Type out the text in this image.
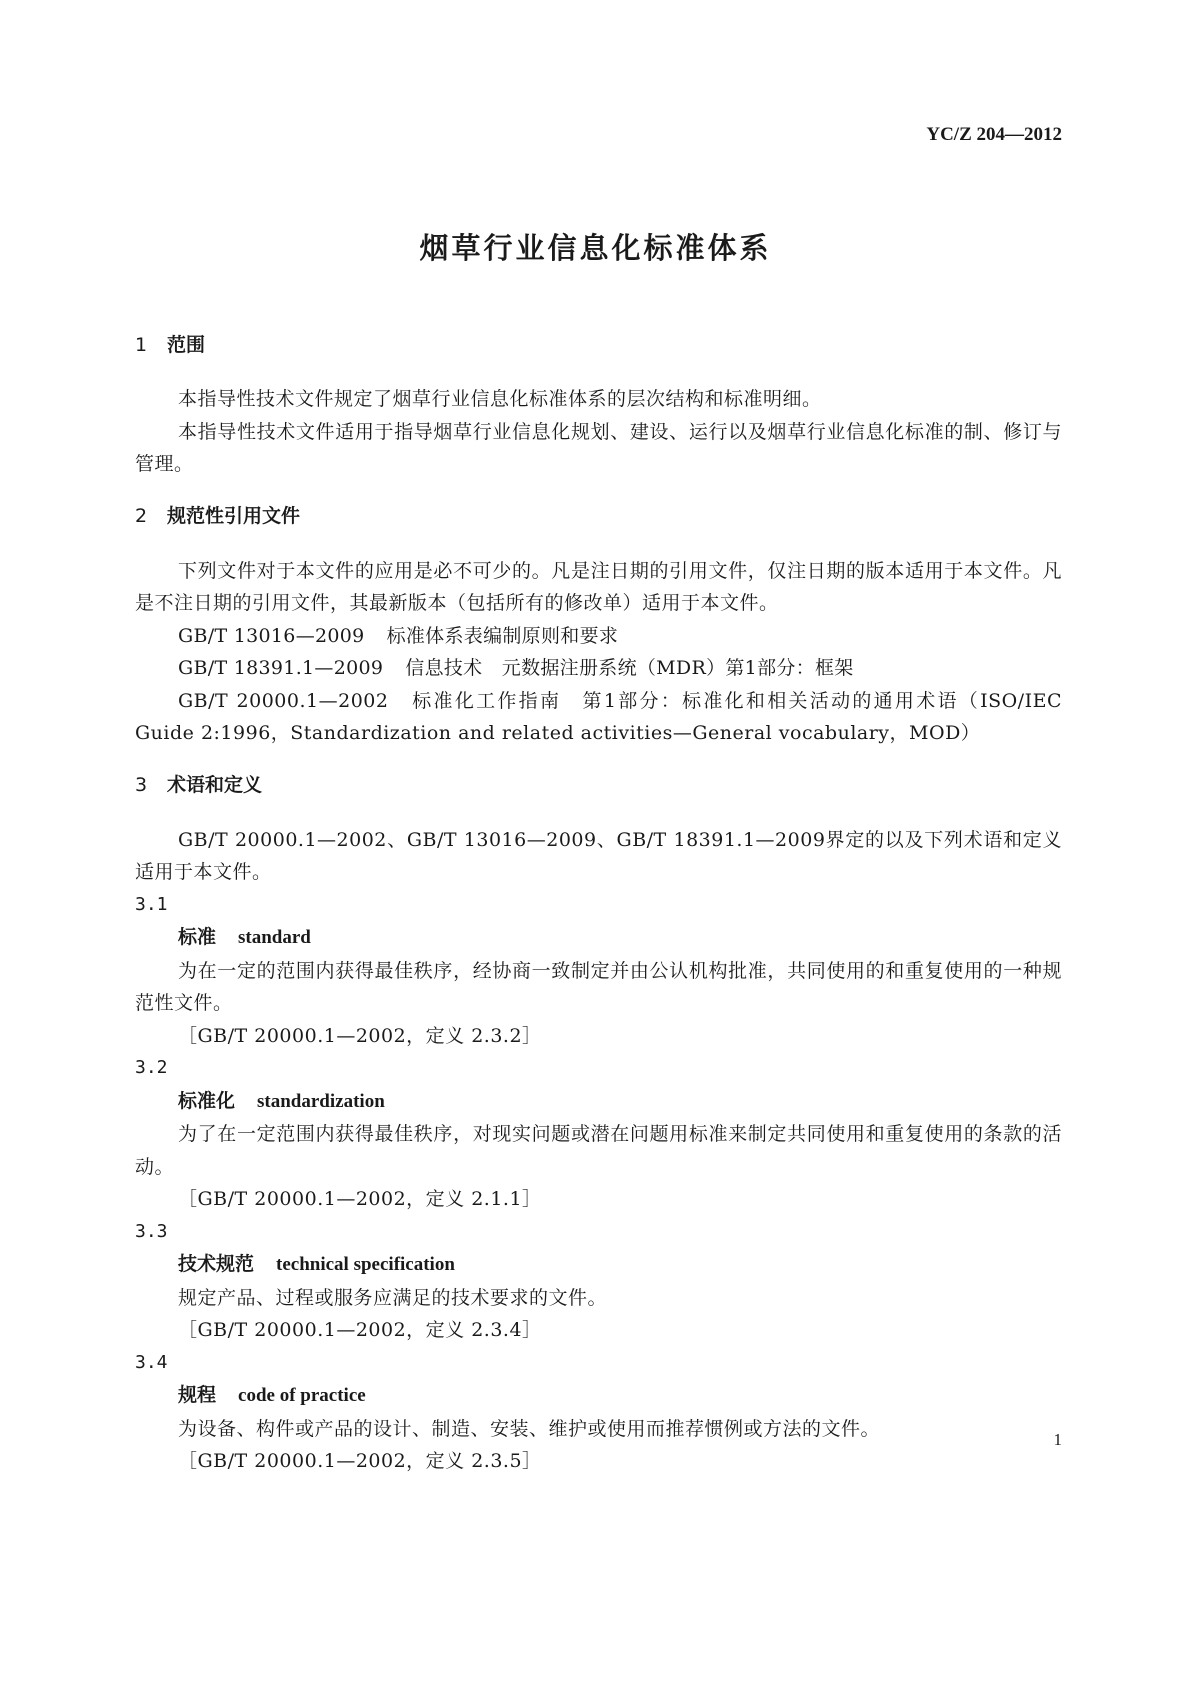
YC/Z 204—2012
烟草行业信息化标准体系
1 范围

本指导性技术文件规定了烟草行业信息化标准体系的层次结构和标准明细。

本指导性技术文件适用于指导烟草行业信息化规划、建设、运行以及烟草行业信息化标准的制、修订与管理。

2 规范性引用文件

下列文件对于本文件的应用是必不可少的。凡是注日期的引用文件，仅注日期的版本适用于本文件。凡是不注日期的引用文件，其最新版本（包括所有的修改单）适用于本文件。

GB/T 13016—2009 标准体系表编制原则和要求
GB/T 18391.1—2009 信息技术　元数据注册系统（MDR）第1部分：框架

GB/T 20000.1—2002 标准化工作指南　第1部分：标准化和相关活动的通用术语（ISO/IEC Guide 2:1996，Standardization and related activities—General vocabulary，MOD）

3 术语和定义

GB/T 20000.1—2002、GB/T 13016—2009、GB/T 18391.1—2009界定的以及下列术语和定义适用于本文件。

3.1
标准 standard

为在一定的范围内获得最佳秩序，经协商一致制定并由公认机构批准，共同使用的和重复使用的一种规范性文件。

［GB/T 20000.1—2002，定义 2.3.2］
3.2
标准化 standardization

为了在一定范围内获得最佳秩序，对现实问题或潜在问题用标准来制定共同使用和重复使用的条款的活动。

［GB/T 20000.1—2002，定义 2.1.1］
3.3
技术规范 technical specification

规定产品、过程或服务应满足的技术要求的文件。

［GB/T 20000.1—2002，定义 2.3.4］
3.4
规程 code of practice

为设备、构件或产品的设计、制造、安装、维护或使用而推荐惯例或方法的文件。

［GB/T 20000.1—2002，定义 2.3.5］
1
